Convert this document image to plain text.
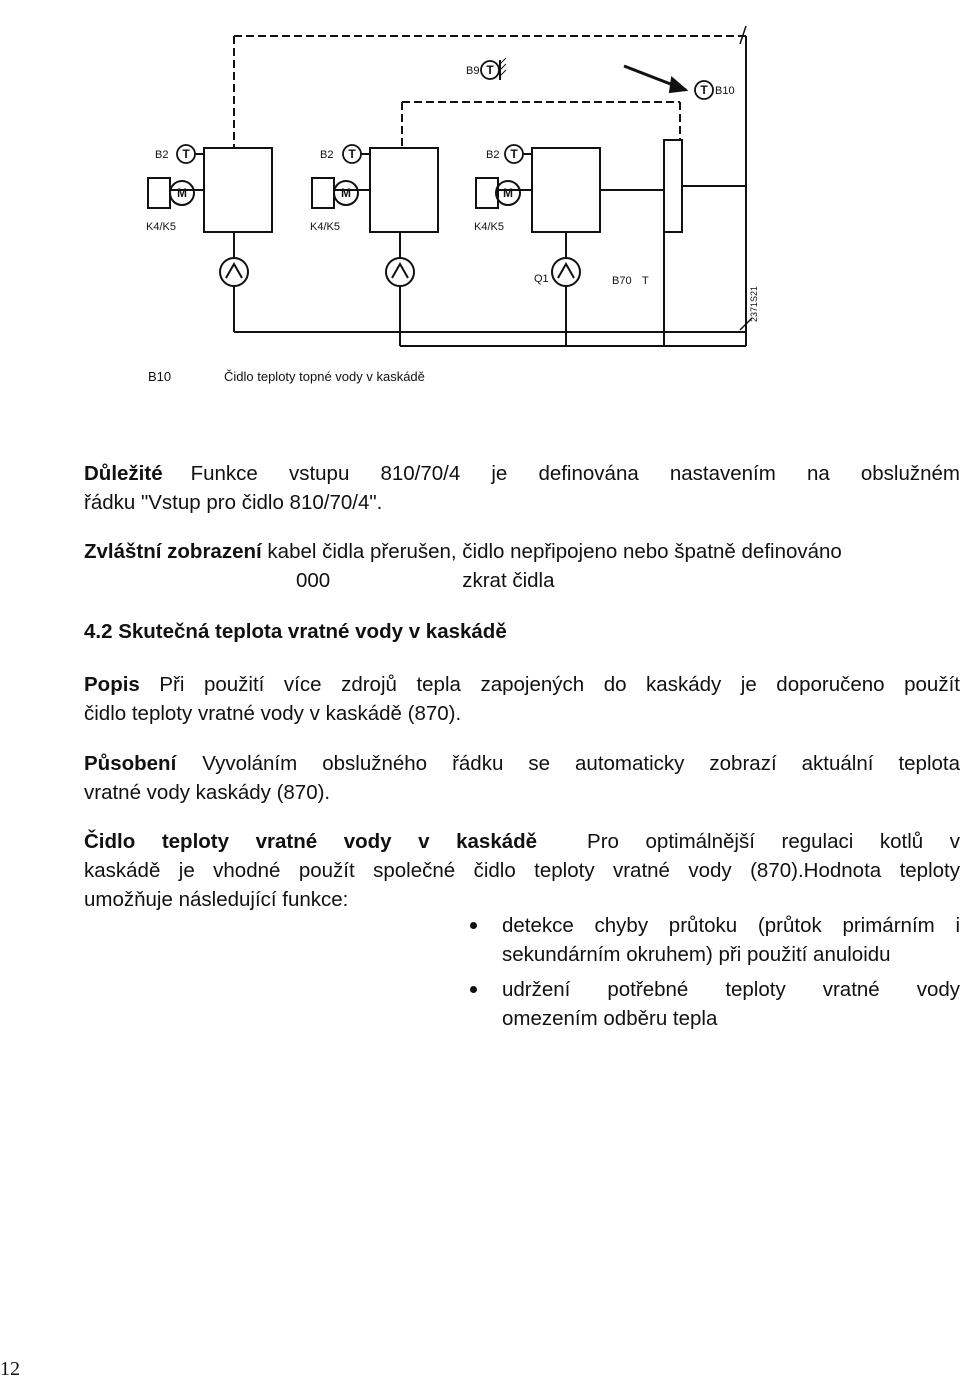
T
T
T	T	T
M	M	M
B9
B10
B2	B2	B2
K4/K5	K4/K5	K4/K5
Q1	B70 T
2371S21
B10	Čidlo teploty topné vody v kaskádě
Důležité Funkce vstupu 810/70/4 je definována nastavením na obslužném
řádku "Vstup pro čidlo 810/70/4".
Zvláštní zobrazení kabel čidla přerušen, čidlo nepřipojeno nebo špatně definováno
000	zkrat čidla
4.2 Skutečná teplota vratné vody v kaskádě
Popis Při použití více zdrojů tepla zapojených do kaskády je doporučeno použít
čidlo teploty vratné vody v kaskádě (870).
Působení Vyvoláním obslužného řádku se automaticky zobrazí aktuální teplota
vratné vody kaskády (870).
Čidlo teploty vratné vody v kaskádě Pro optimálnější regulaci kotlů v
kaskádě je vhodné použít společné čidlo teploty vratné vody (870).Hodnota teploty
umožňuje následující funkce:
detekce chyby průtoku (průtok primárním i
sekundárním okruhem) při použití anuloidu
udržení potřebné teploty vratné vody
omezením odběru tepla
12
